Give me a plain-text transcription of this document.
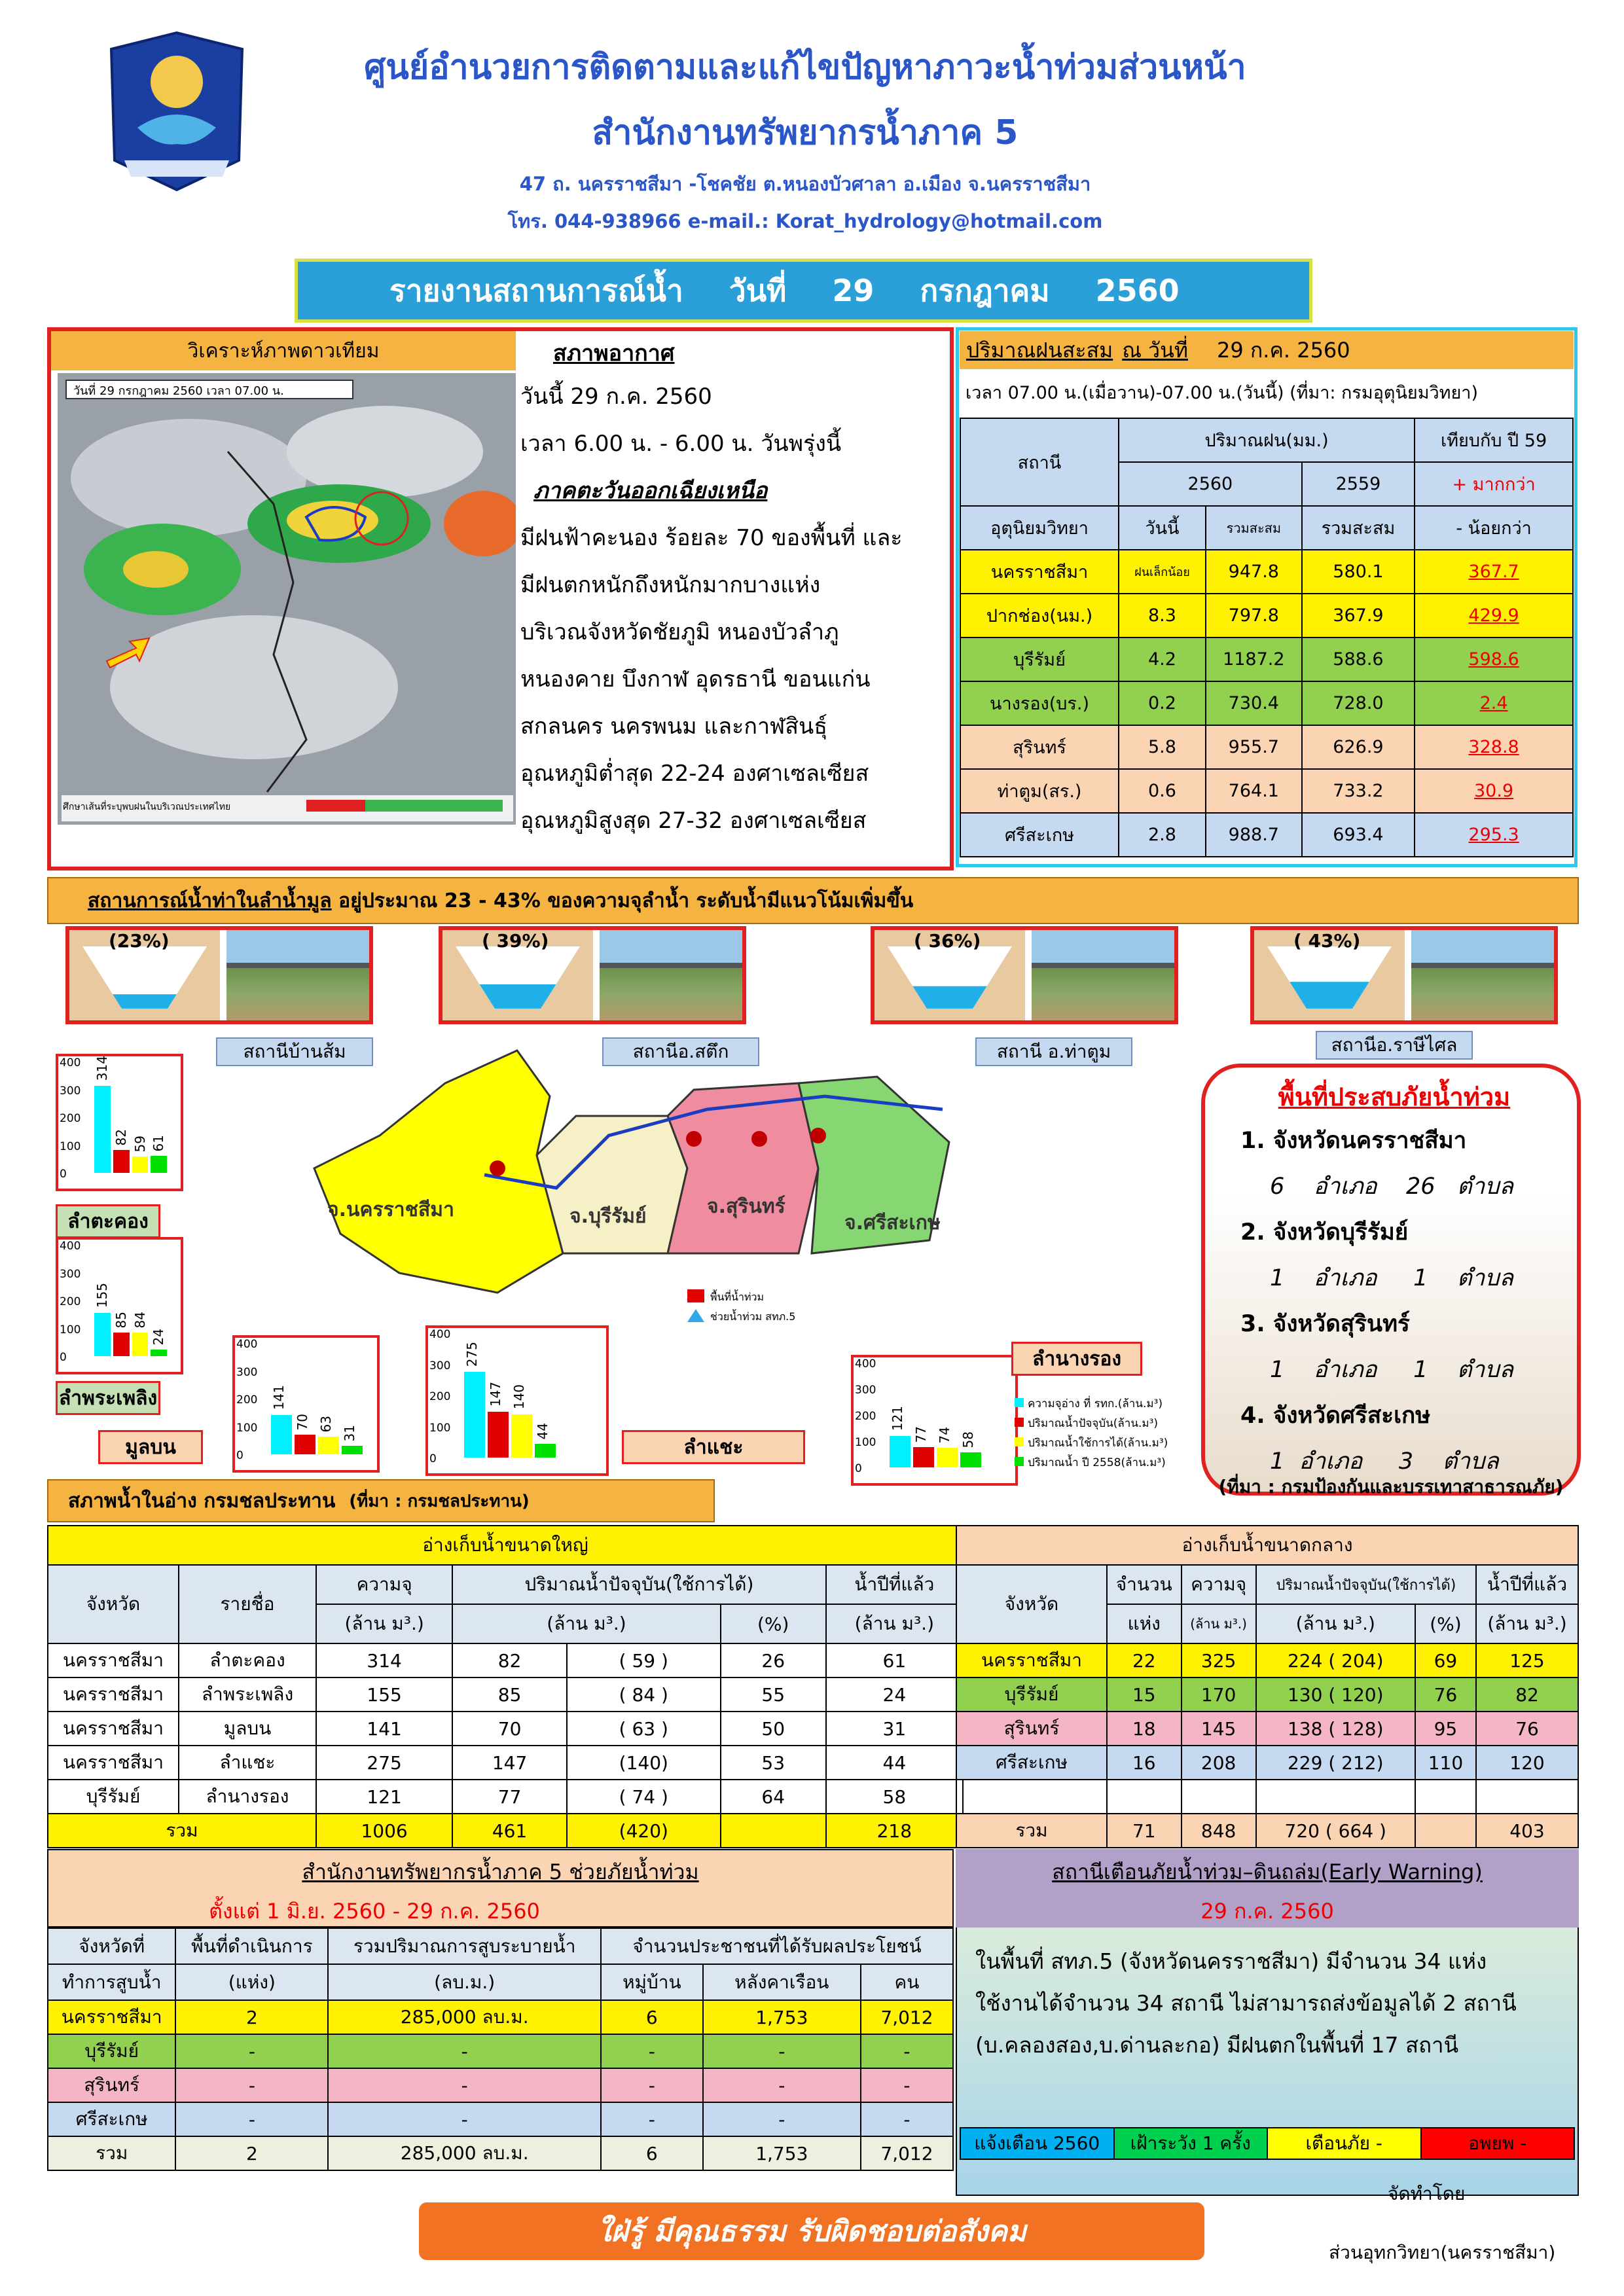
ศูนย์อำนวยการติดตามและแก้ไขปัญหาภาวะน้ำท่วมส่วนหน้า
สำนักงานทรัพยากรน้ำภาค 5
47 ถ. นครราชสีมา -โชคชัย ต.หนองบัวศาลา อ.เมือง จ.นครราชสีมา
โทร. 044-938966 e-mail.: Korat_hydrology@hotmail.com
รายงานสถานการณ์น้ำ วันที่ 29 กรกฎาคม 2560
วิเคราะห์ภาพดาวเทียม
วันที่ 29 กรกฎาคม 2560 เวลา 07.00 น.
ศึกษาเส้นที่ระบุพบฝนในบริเวณประเทศไทย
สภาพอากาศ
วันนี้ 29 ก.ค. 2560
เวลา 6.00 น. - 6.00 น. วันพรุ่งนี้
ภาคตะวันออกเฉียงเหนือ
มีฝนฟ้าคะนอง ร้อยละ 70 ของพื้นที่ และ
มีฝนตกหนักถึงหนักมากบางแห่ง
บริเวณจังหวัดชัยภูมิ หนองบัวลำภู
หนองคาย บึงกาฬ อุดรธานี ขอนแก่น
สกลนคร นครพนม และกาฬสินธุ์
อุณหภูมิต่ำสุด 22-24 องศาเซลเซียส
อุณหภูมิสูงสุด 27-32 องศาเซลเซียส
ปริมาณฝนสะสม ณ วันที่	29 ก.ค. 2560
เวลา 07.00 น.(เมื่อวาน)-07.00 น.(วันนี้) (ที่มา: กรมอุตุนิยมวิทยา)
สถานี	ปริมาณฝน(มม.)			เทียบกับ ปี 59
	2560		2559	+ มากกว่า
อุตุนิยมวิทยา	วันนี้	รวมสะสม	รวมสะสม	- น้อยกว่า
นครราชสีมา	ฝนเล็กน้อย	947.8	580.1	367.7
ปากช่อง(นม.)	8.3	797.8	367.9	429.9
บุรีรัมย์	4.2	1187.2	588.6	598.6
นางรอง(บร.)	0.2	730.4	728.0	2.4
สุรินทร์	5.8	955.7	626.9	328.8
ท่าตูม(สร.)	0.6	764.1	733.2	30.9
ศรีสะเกษ	2.8	988.7	693.4	295.3
สถานการณ์น้ำท่าในลำน้ำมูล
อยู่ประมาณ 23 - 43% ของความจุลำน้ำ ระดับน้ำมีแนวโน้มเพิ่มขึ้น
(23%)
สถานีบ้านส้ม
( 39%)
สถานีอ.สตึก
( 36%)
สถานี อ.ท่าตูม
( 43%)
สถานีอ.ราษีไศล
จ.นครราชสีมา	จ.บุรีรัมย์	จ.สุรินทร์
จ.ศรีสะเกษ
พื้นที่น้ำท่วม
ช่วยน้ำท่วม สทภ.5
พื้นที่ประสบภัยน้ำท่วม
1. จังหวัดนครราชสีมา
6    อำเภอ    26   ตำบล
2. จังหวัดบุรีรัมย์
1    อำเภอ     1    ตำบล
3. จังหวัดสุรินทร์
1    อำเภอ     1    ตำบล
4. จังหวัดศรีสะเกษ
1  อำเภอ     3    ตำบล
(ที่มา : กรมป้องกันและบรรเทาสาธารณภัย)
400
300
200
100
0
314
82 59 61
ลำตะคอง
400
300
200
100
0
155
85 84
24
ลำพระเพลิง
400
300
200
100
0
141
70 63
31
มูลบน
400
300
200
100
0
275
147 140
44
ลำแชะ
400
300
200
100
0
121
77 74 58
ลำนางรอง
ความจุอ่าง ที่ รทก.(ล้าน.ม³)
ปริมาณน้ำปัจจุบัน(ล้าน.ม³)
ปริมาณน้ำใช้การได้(ล้าน.ม³)
ปริมาณน้ำ ปี 2558(ล้าน.ม³)
สภาพน้ำในอ่าง กรมชลประทาน
(ที่มา : กรมชลประทาน)
อ่างเก็บน้ำขนาดใหญ่						
จังหวัด	รายชื่อ	ความจุ	ปริมาณน้ำปัจจุบัน(ใช้การได้)			น้ำปีที่แล้ว
		(ล้าน ม³.)	(ล้าน ม³.)		(%)	(ล้าน ม³.)
นครราชสีมา	ลำตะคอง	314	82	( 59 )	26	61
นครราชสีมา	ลำพระเพลิง	155	85	( 84 )	55	24
นครราชสีมา	มูลบน	141	70	( 63 )	50	31
นครราชสีมา	ลำแชะ	275	147	(140)	53	44
บุรีรัมย์	ลำนางรอง	121	77	( 74 )	64	58
รวม		1006	461	(420)		218
อ่างเก็บน้ำขนาดกลาง					
จังหวัด	จำนวน	ความจุ	ปริมาณน้ำปัจจุบัน(ใช้การได้)		น้ำปีที่แล้ว
	แห่ง	(ล้าน ม³.)	(ล้าน ม³.)	(%)	(ล้าน ม³.)
นครราชสีมา	22	325	224 ( 204)	69	125
บุรีรัมย์	15	170	130 ( 120)	76	82
สุรินทร์	18	145	138 ( 128)	95	76
ศรีสะเกษ	16	208	229 ( 212)	110	120

รวม	71	848	720 ( 664 )		403
สำนักงานทรัพยากรน้ำภาค 5 ช่วยภัยน้ำท่วม
ตั้งแต่ 1 มิ.ย. 2560 - 29 ก.ค. 2560
จังหวัดที่	พื้นที่ดำเนินการ	รวมปริมาณการสูบระบายน้ำ	จำนวนประชาชนที่ได้รับผลประโยชน์		
ทำการสูบน้ำ	(แห่ง)	(ลบ.ม.)	หมู่บ้าน	หลังคาเรือน	คน
นครราชสีมา	2	285,000 ลบ.ม.	6	1,753	7,012
บุรีรัมย์	-	-	-	-	-
สุรินทร์	-	-	-	-	-
ศรีสะเกษ	-	-	-	-	-
รวม	2	285,000 ลบ.ม.	6	1,753	7,012
สถานีเตือนภัยน้ำท่วม–ดินถล่ม(Early Warning)
29 ก.ค. 2560
ในพื้นที่ สทภ.5 (จังหวัดนครราชสีมา) มีจำนวน 34 แห่ง
ใช้งานได้จำนวน 34 สถานี ไม่สามารถส่งข้อมูลได้ 2 สถานี
(บ.คลองสอง,บ.ด่านละกอ) มีฝนตกในพื้นที่ 17 สถานี
แจ้งเตือน 2560	เฝ้าระวัง 1 ครั้ง	เตือนภัย -	อพยพ -
ใฝ่รู้ มีคุณธรรม รับผิดชอบต่อสังคม
จัดทำโดย
ส่วนอุทกวิทยา(นครราชสีมา)
